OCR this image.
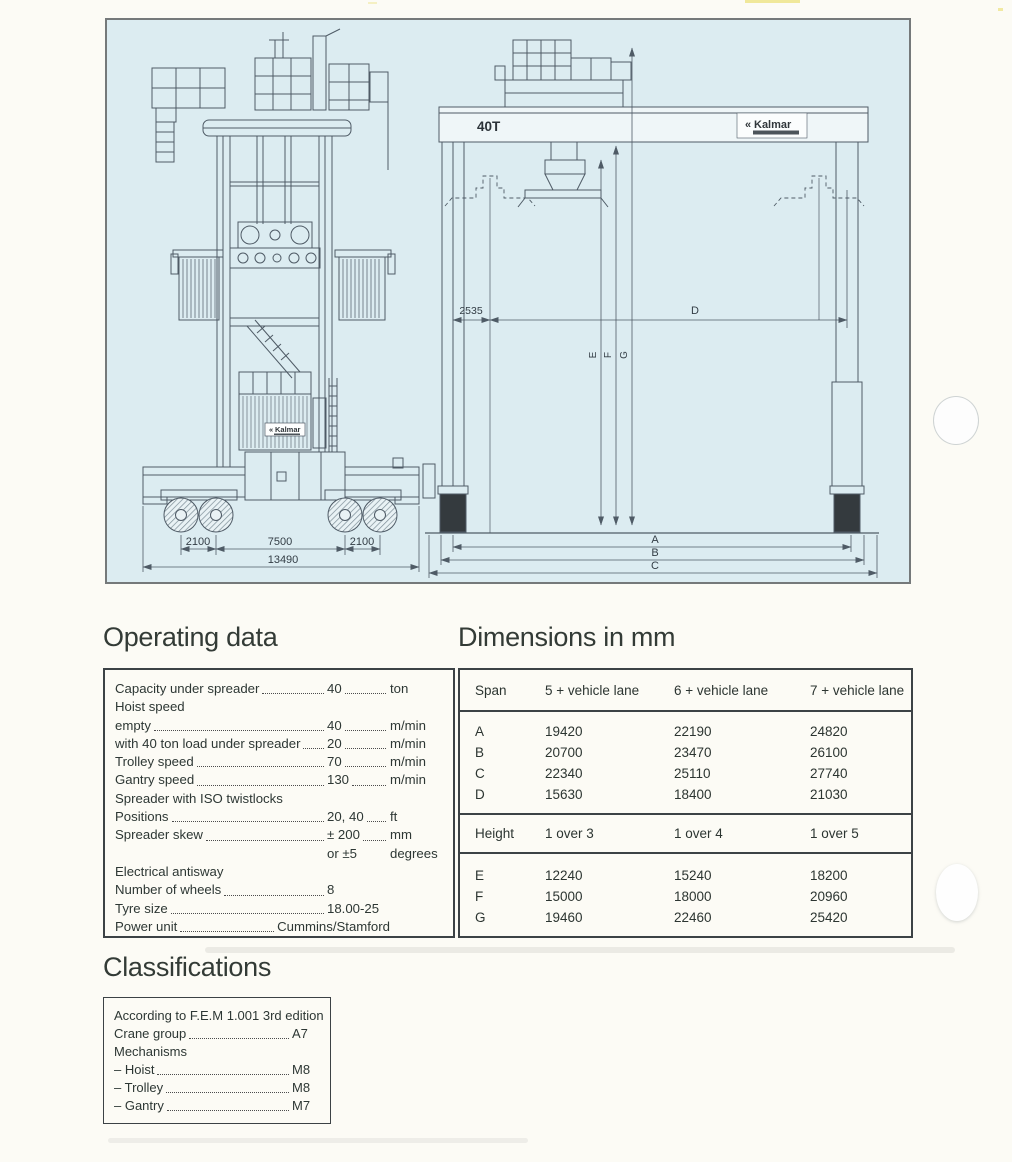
« Kalmar
2100	7500	2100
13490
40T	« Kalmar
2535	D
E F G
A
B
C
Operating data
Capacity under spreader	40	ton
Hoist speed
empty	40	m/min
with 40 ton load under spreader 20	m/min
Trolley speed	70	m/min
Gantry speed	130	m/min
Spreader with ISO twistlocks
Positions	20, 40 ft
Spreader skew	± 200 mm
or ±5	degrees
Electrical antisway
Number of wheels	8
Tyre size	18.00-25
Power unit	Cummins/Stamford
Dimensions in mm
Span	5 + vehicle lane	6 + vehicle lane	7 + vehicle lane
A	19420	22190	24820
B	20700	23470	26100
C	22340	25110	27740
D	15630	18400	21030
Height	1 over 3	1 over 4	1 over 5
E	12240	15240	18200
F	15000	18000	20960
G	19460	22460	25420
Classifications
According to F.E.M 1.001 3rd edition
Crane group	A7
Mechanisms
– Hoist	M8
– Trolley	M8
– Gantry	M7
